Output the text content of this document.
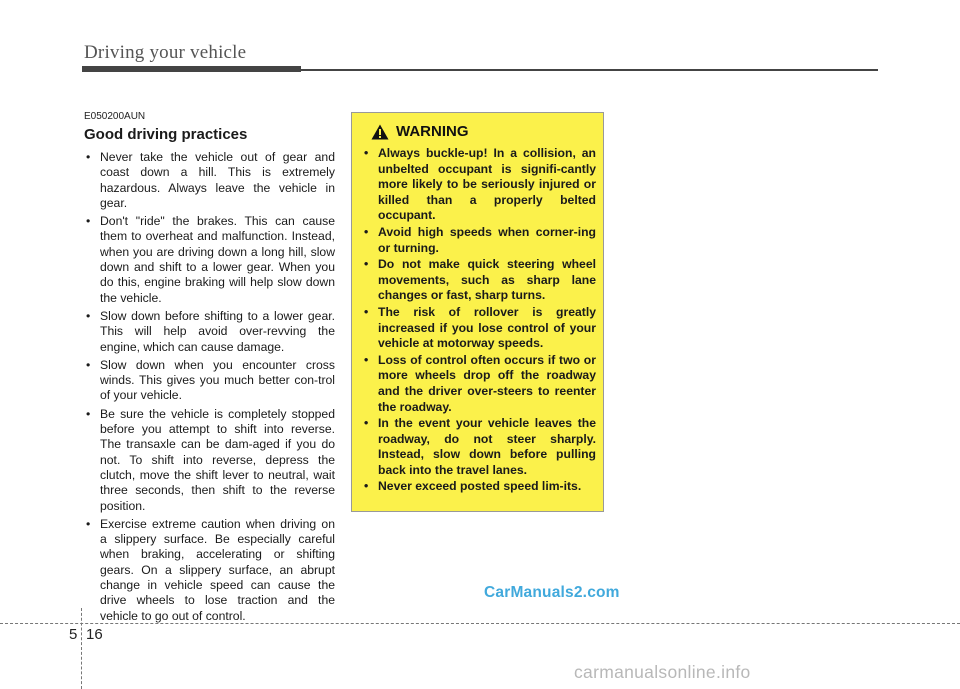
Driving your vehicle
E050200AUN
Good driving practices
• Never take the vehicle out of gear and coast down a hill. This is extremely hazardous. Always leave the vehicle in gear.
• Don't "ride" the brakes. This can cause them to overheat and malfunction. Instead, when you are driving down a long hill, slow down and shift to a lower gear. When you do this, engine braking will help slow down the vehicle.
• Slow down before shifting to a lower gear. This will help avoid over-revving the engine, which can cause damage.
• Slow down when you encounter cross winds. This gives you much better con-trol of your vehicle.
• Be sure the vehicle is completely stopped before you attempt to shift into reverse. The transaxle can be dam-aged if you do not. To shift into reverse, depress the clutch, move the shift lever to neutral, wait three seconds, then shift to the reverse position.
• Exercise extreme caution when driving on a slippery surface. Be especially careful when braking, accelerating or shifting gears. On a slippery surface, an abrupt change in vehicle speed can cause the drive wheels to lose traction and the vehicle to go out of control.
WARNING
• Always buckle-up! In a collision, an unbelted occupant is signifi-cantly more likely to be seriously injured or killed than a properly belted occupant.
• Avoid high speeds when corner-ing or turning.
• Do not make quick steering wheel movements, such as sharp lane changes or fast, sharp turns.
• The risk of rollover is greatly increased if you lose control of your vehicle at motorway speeds.
• Loss of control often occurs if two or more wheels drop off the roadway and the driver over-steers to reenter the roadway.
• In the event your vehicle leaves the roadway, do not steer sharply. Instead, slow down before pulling back into the travel lanes.
• Never exceed posted speed lim-its.
CarManuals2.com
5 16
carmanualsonline.info
